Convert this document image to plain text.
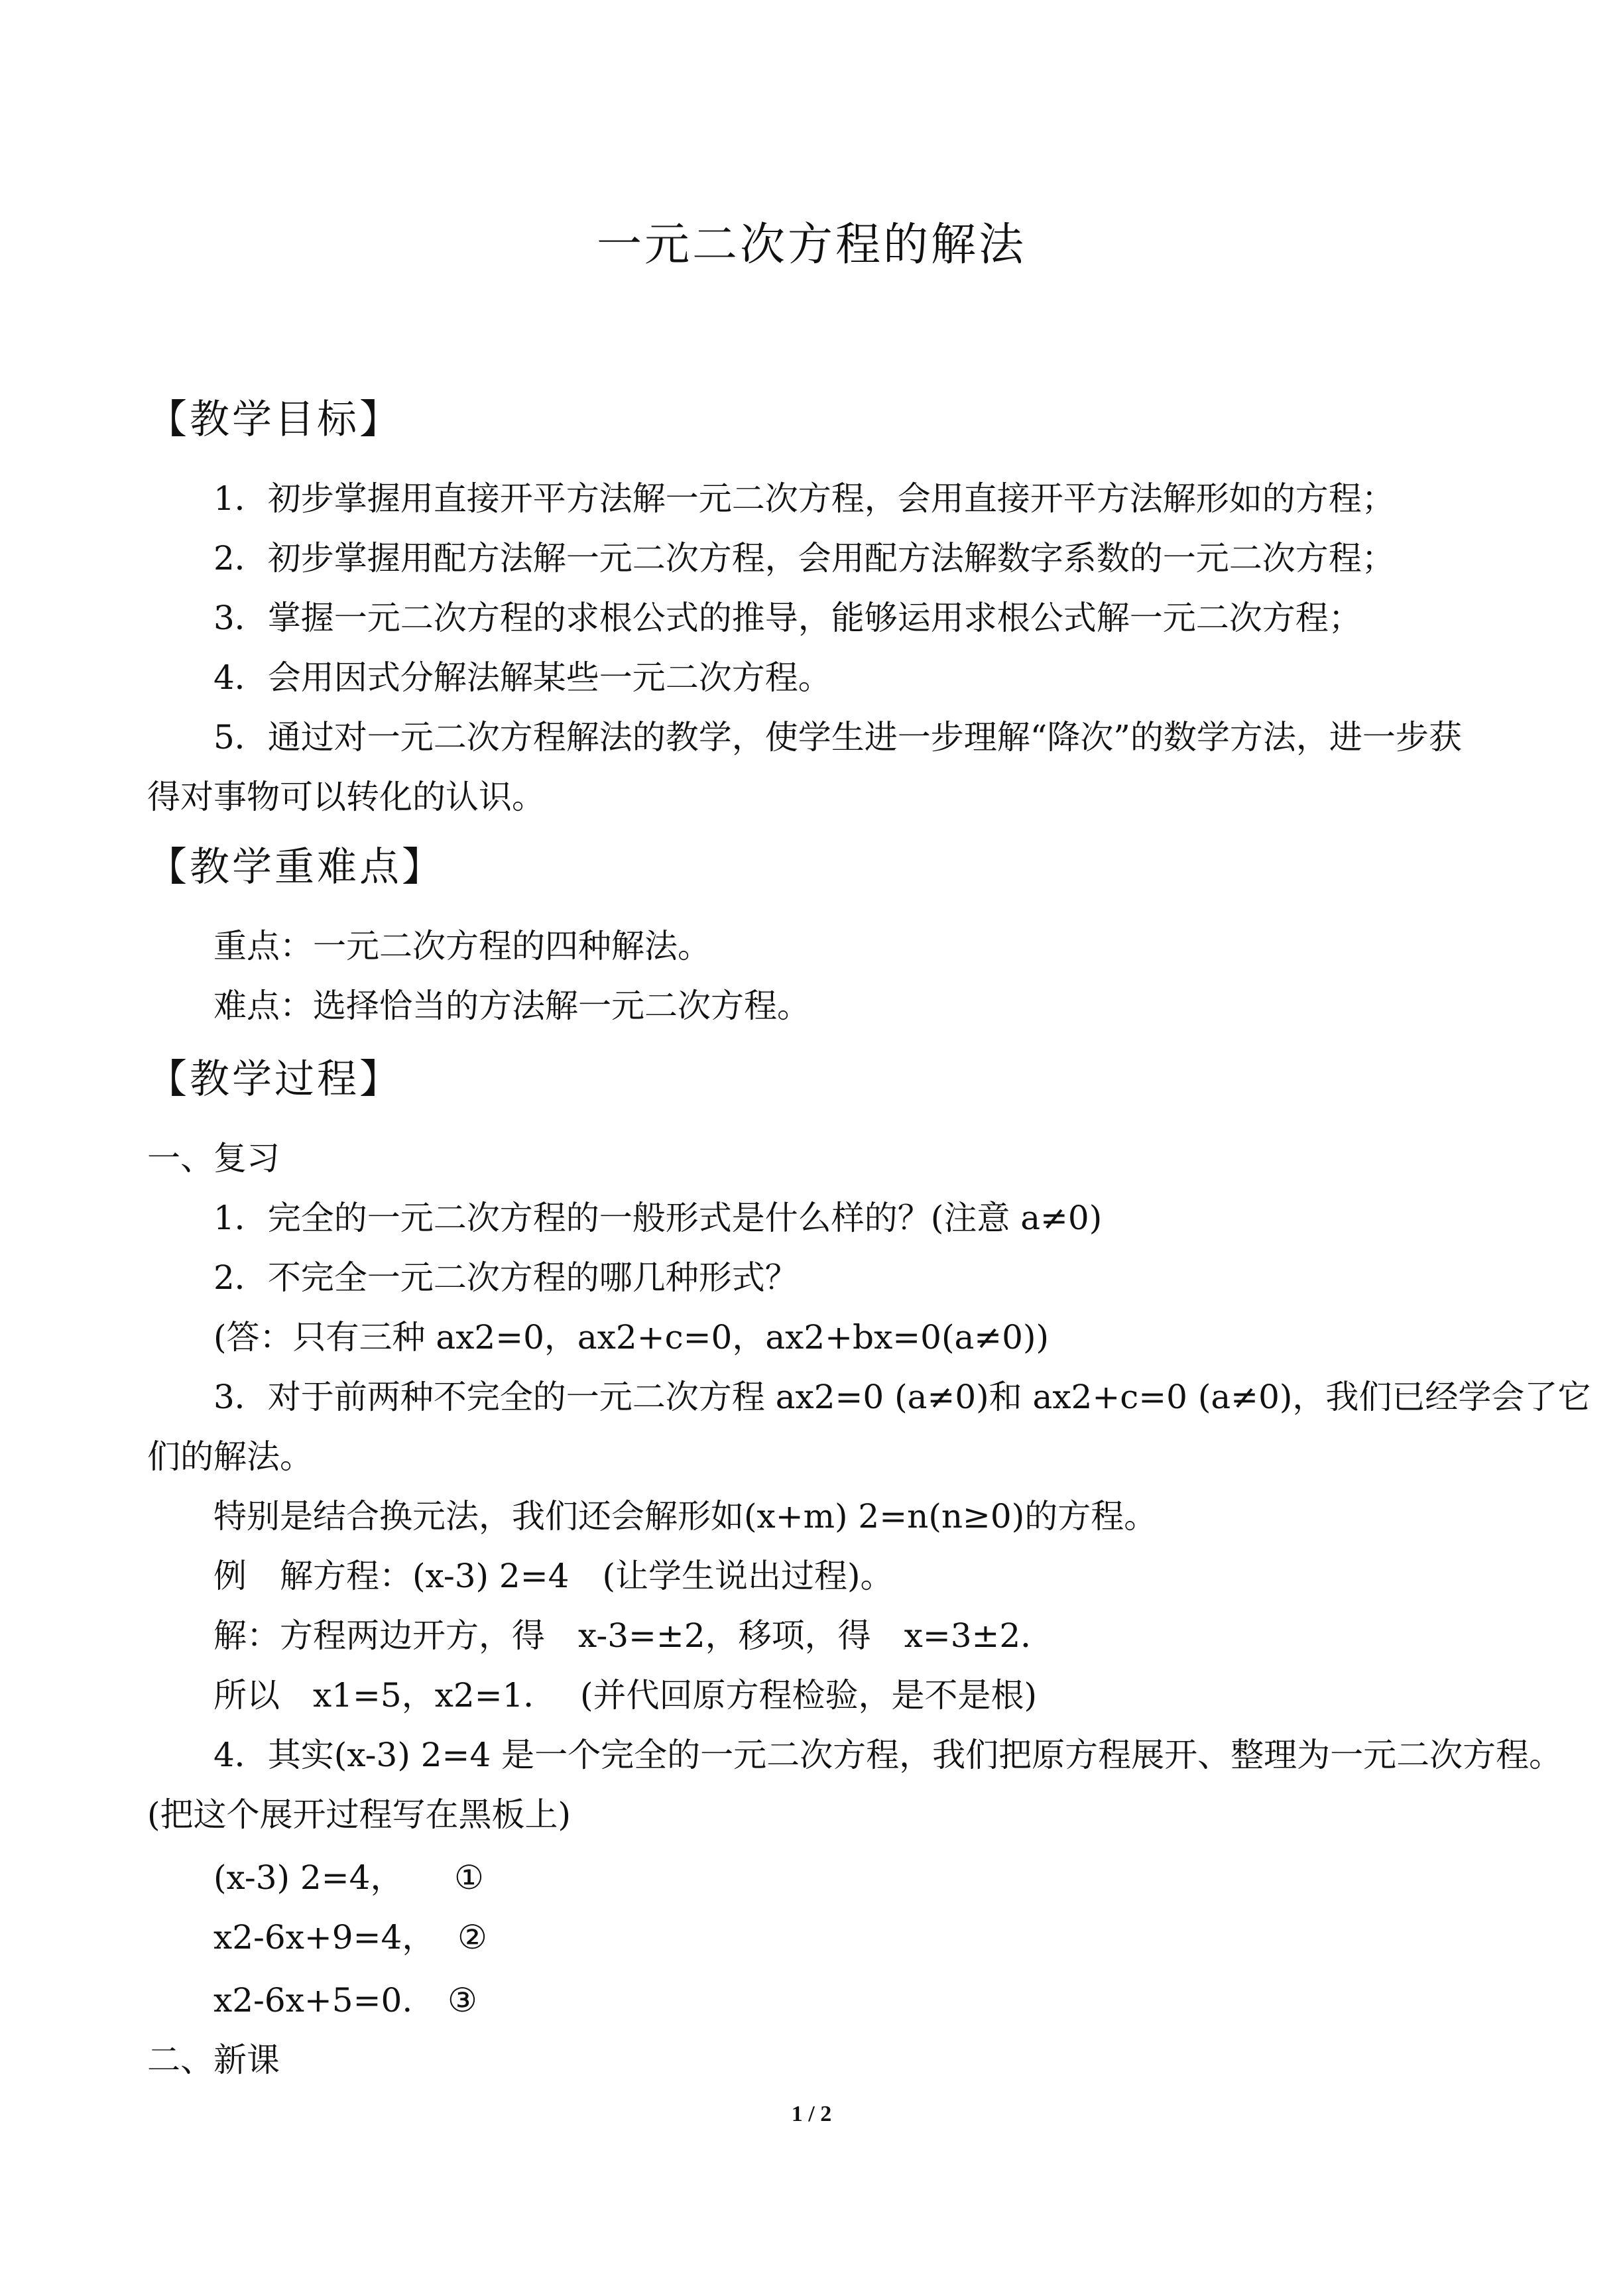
一元二次方程的解法
【教学目标】
1．初步掌握用直接开平方法解一元二次方程，会用直接开平方法解形如的方程；
2．初步掌握用配方法解一元二次方程，会用配方法解数字系数的一元二次方程；
3．掌握一元二次方程的求根公式的推导，能够运用求根公式解一元二次方程；
4．会用因式分解法解某些一元二次方程。
5．通过对一元二次方程解法的教学，使学生进一步理解“降次”的数学方法，进一步获
得对事物可以转化的认识。
【教学重难点】
重点：一元二次方程的四种解法。
难点：选择恰当的方法解一元二次方程。
【教学过程】
一、复习
1．完全的一元二次方程的一般形式是什么样的？(注意 a≠0)
2．不完全一元二次方程的哪几种形式？
(答：只有三种 ax2=0，ax2+c=0，ax2+bx=0(a≠0))
3．对于前两种不完全的一元二次方程 ax2=0 (a≠0)和 ax2+c=0 (a≠0)，我们已经学会了它
们的解法。
特别是结合换元法，我们还会解形如(x+m) 2=n(n≥0)的方程。
例　解方程：(x-3) 2=4　(让学生说出过程)。
解：方程两边开方，得　x-3=±2，移项，得　x=3±2．
所以　x1=5，x2=1． (并代回原方程检验，是不是根)
4．其实(x-3) 2=4 是一个完全的一元二次方程，我们把原方程展开、整理为一元二次方程。
(把这个展开过程写在黑板上)
(x-3) 2=4， ①
x2-6x+9=4， ②
x2-6x+5=0. ③
二、新课
1 / 2
